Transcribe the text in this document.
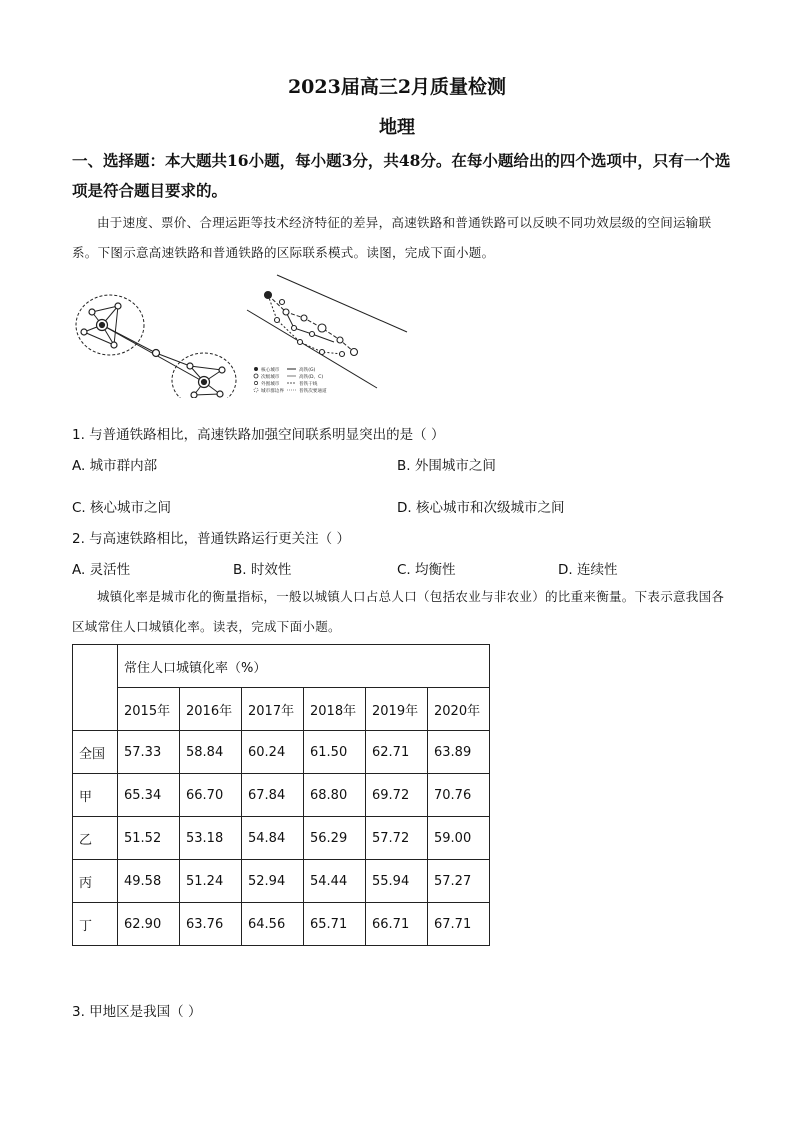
2023届高三2月质量检测
地理
一、选择题：本大题共16小题，每小题3分，共48分。在每小题给出的四个选项中，只有一个选项是符合题目要求的。
由于速度、票价、合理运距等技术经济特征的差异，高速铁路和普通铁路可以反映不同功效层级的空间运输联系。下图示意高速铁路和普通铁路的区际联系模式。读图，完成下面小题。
核心城市
次级城市
外围城市
城市群边界
高铁(G)
高铁(D、C)
普铁干线
普铁次要通道
1. 与普通铁路相比，高速铁路加强空间联系明显突出的是（ ）
A. 城市群内部	B. 外围城市之间
C. 核心城市之间	D. 核心城市和次级城市之间
2. 与高速铁路相比，普通铁路运行更关注（ ）
A. 灵活性	B. 时效性	C. 均衡性	D. 连续性
城镇化率是城市化的衡量指标，一般以城镇人口占总人口（包括农业与非农业）的比重来衡量。下表示意我国各区域常住人口城镇化率。读表，完成下面小题。
	常住人口城镇化率（%）					
	2015年	2016年	2017年	2018年	2019年	2020年
全国	57.33	58.84	60.24	61.50	62.71	63.89
甲	65.34	66.70	67.84	68.80	69.72	70.76
乙	51.52	53.18	54.84	56.29	57.72	59.00
丙	49.58	51.24	52.94	54.44	55.94	57.27
丁	62.90	63.76	64.56	65.71	66.71	67.71
3. 甲地区是我国（ ）
